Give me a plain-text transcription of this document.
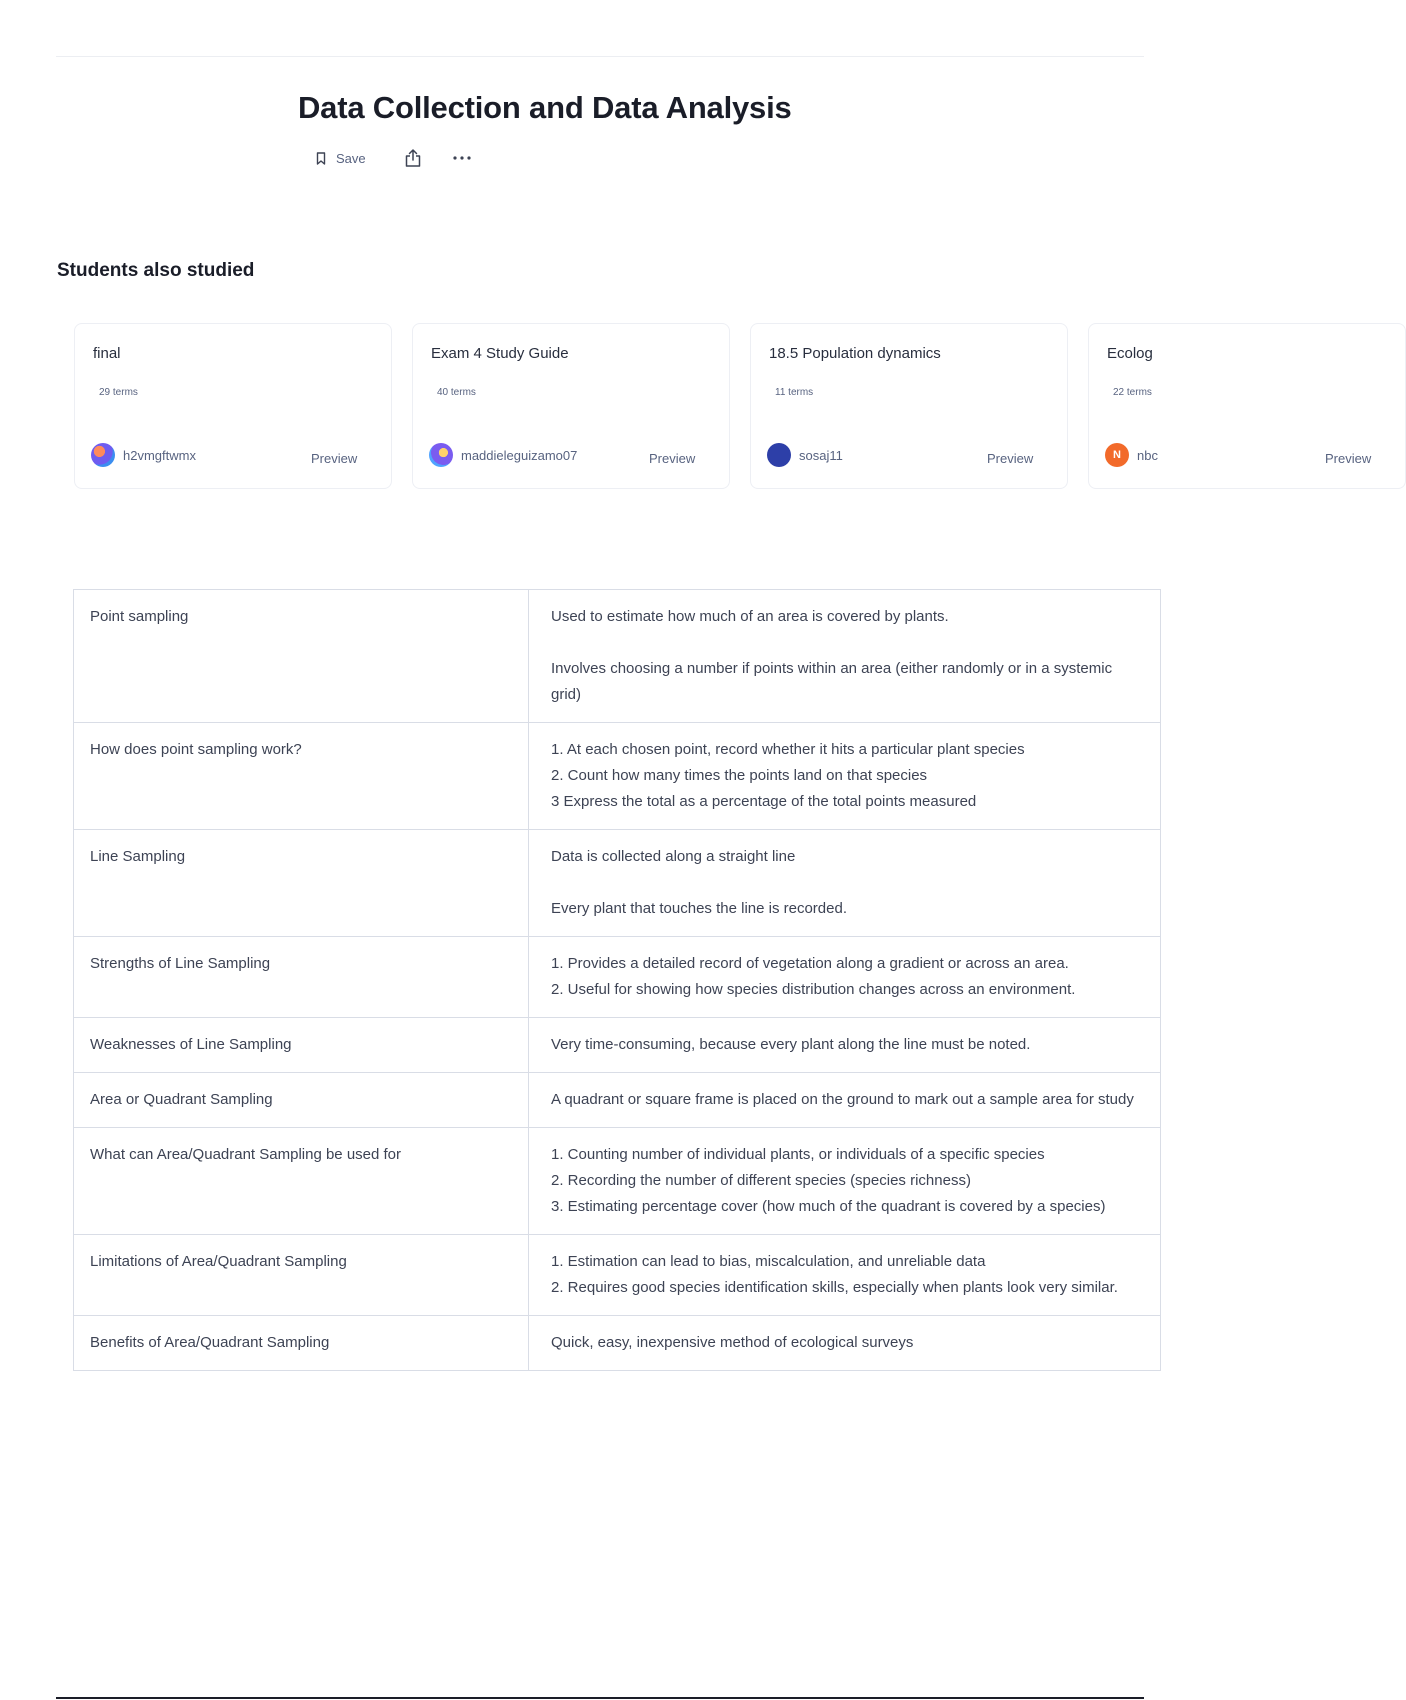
Data Collection and Data Analysis
Save
Students also studied
final
29 terms
h2vmgftwmx	Preview
Exam 4 Study Guide
40 terms
maddieleguizamo07	Preview
18.5 Population dynamics
11 terms
sosaj11	Preview
Ecolog
22 terms
N	nbc	Preview
Point sampling	Used to estimate how much of an area is covered by plants.
Involves choosing a number if points within an area (either randomly or in a systemic grid)

How does point sampling work?	1. At each chosen point, record whether it hits a particular plant species
2. Count how many times the points land on that species
3 Express the total as a percentage of the total points measured

Line Sampling	Data is collected along a straight line
Every plant that touches the line is recorded.

Strengths of Line Sampling	1. Provides a detailed record of vegetation along a gradient or across an area.
2. Useful for showing how species distribution changes across an environment.

Weaknesses of Line Sampling	Very time-consuming, because every plant along the line must be noted.

Area or Quadrant Sampling	A quadrant or square frame is placed on the ground to mark out a sample area for study

What can Area/Quadrant Sampling be used for	1. Counting number of individual plants, or individuals of a specific species
2. Recording the number of different species (species richness)
3. Estimating percentage cover (how much of the quadrant is covered by a species)

Limitations of Area/Quadrant Sampling	1. Estimation can lead to bias, miscalculation, and unreliable data
2. Requires good species identification skills, especially when plants look very similar.

Benefits of Area/Quadrant Sampling	Quick, easy, inexpensive method of ecological surveys
